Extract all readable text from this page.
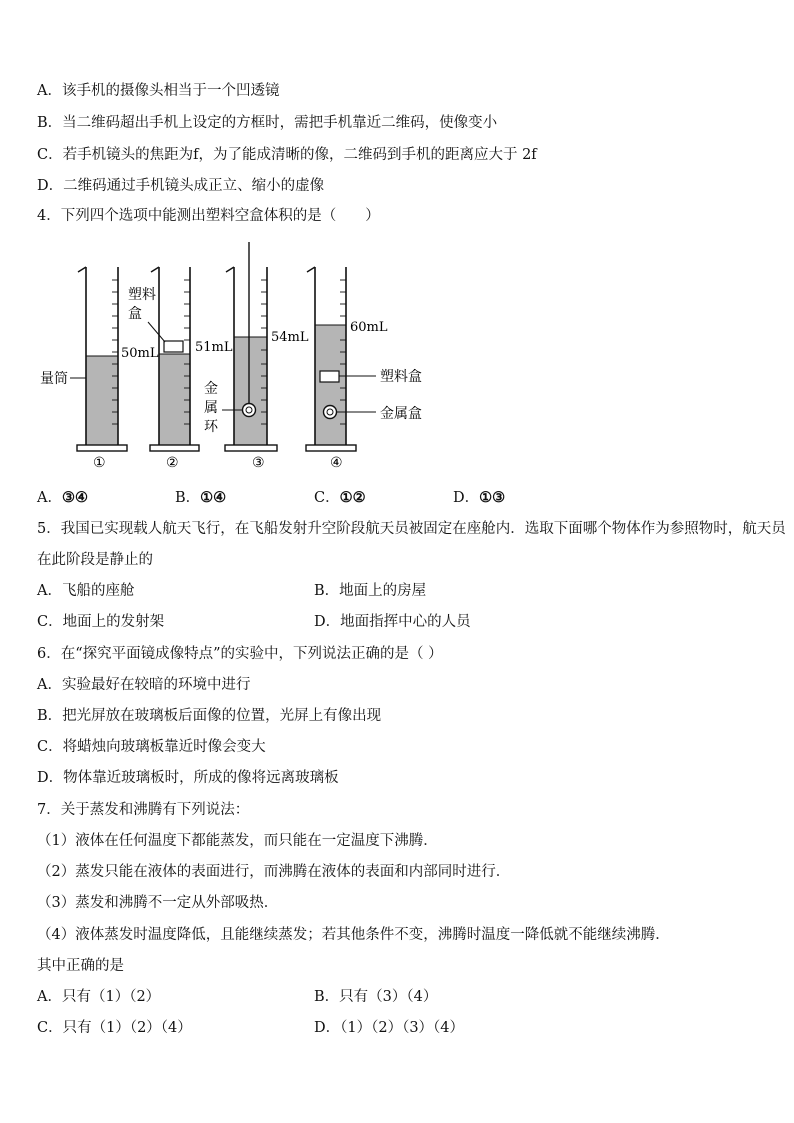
A．该手机的摄像头相当于一个凹透镜
B．当二维码超出手机上设定的方框时，需把手机靠近二维码，使像变小
C．若手机镜头的焦距为f，为了能成清晰的像，二维码到手机的距离应大于 2f
D．二维码通过手机镜头成正立、缩小的虚像
4．下列四个选项中能测出塑料空盒体积的是（　　）
量筒
50mL
①
塑料
盒
51mL
②
54mL
金
属
环
③
60mL
塑料盒
金属盒
④
A．③④	B．①④	C．①②	D．①③
5．我国已实现载人航天飞行，在飞船发射升空阶段航天员被固定在座舱内．选取下面哪个物体作为参照物时，航天员
在此阶段是静止的
A．飞船的座舱	B．地面上的房屋
C．地面上的发射架	D．地面指挥中心的人员
6．在“探究平面镜成像特点”的实验中，下列说法正确的是（ ）
A．实验最好在较暗的环境中进行
B．把光屏放在玻璃板后面像的位置，光屏上有像出现
C．将蜡烛向玻璃板靠近时像会变大
D．物体靠近玻璃板时，所成的像将远离玻璃板
7．关于蒸发和沸腾有下列说法：
（1）液体在任何温度下都能蒸发，而只能在一定温度下沸腾．
（2）蒸发只能在液体的表面进行，而沸腾在液体的表面和内部同时进行．
（3）蒸发和沸腾不一定从外部吸热．
（4）液体蒸发时温度降低，且能继续蒸发；若其他条件不变，沸腾时温度一降低就不能继续沸腾．
其中正确的是
A．只有（1）（2）	B．只有（3）（4）
C．只有（1）（2）（4）	D．（1）（2）（3）（4）
